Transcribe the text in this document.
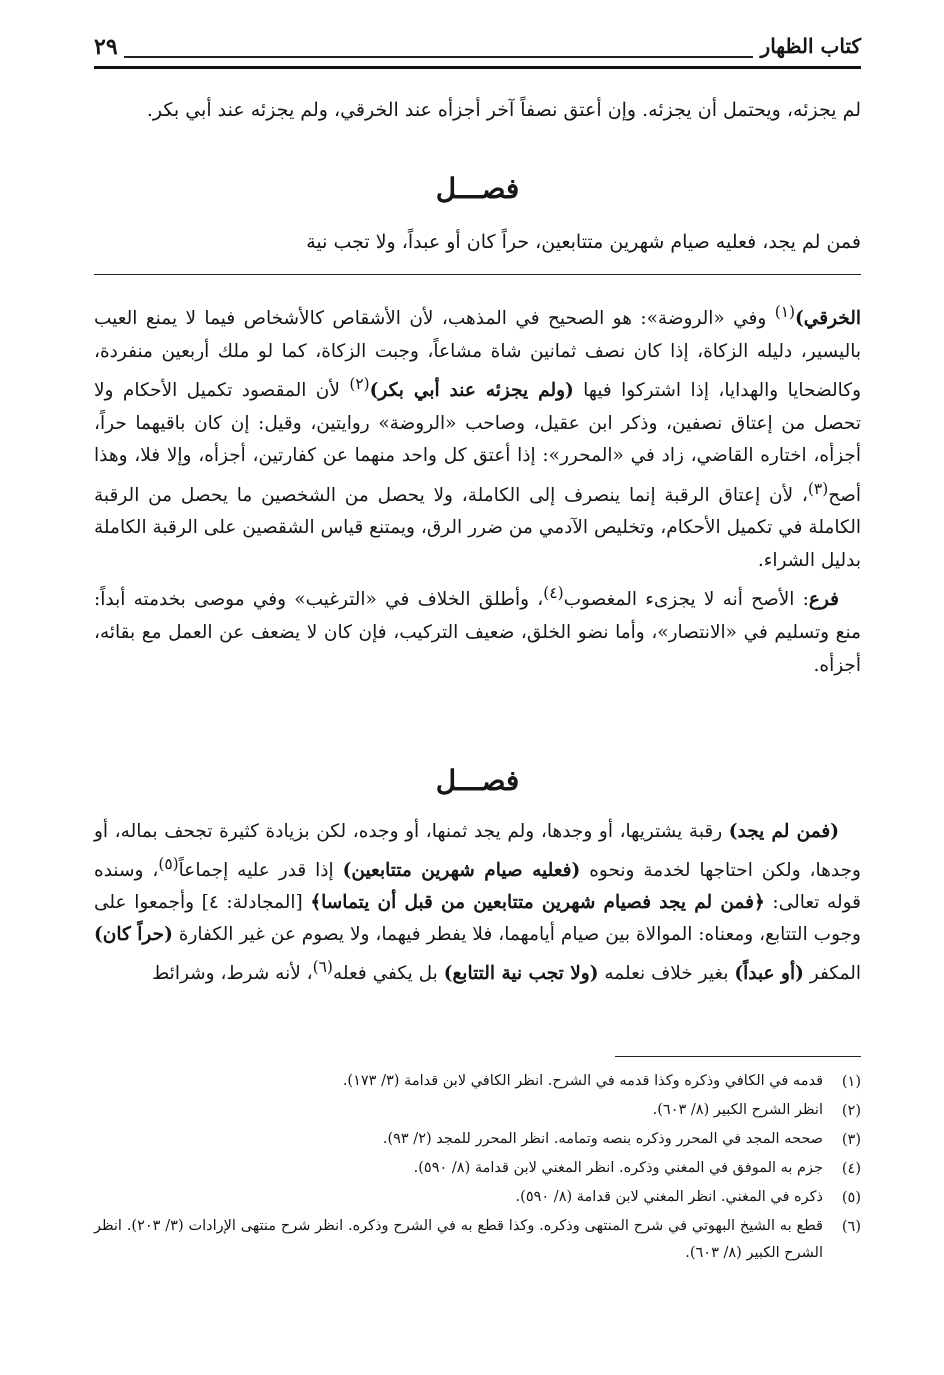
كتاب الظهار
٢٩

لم يجزئه، ويحتمل أن يجزئه. وإن أعتق نصفاً آخر أجزأه عند الخرقي، ولم يجزئه عند أبي بكر.

فصـــل

فمن لم يجد، فعليه صيام شهرين متتابعين، حراً كان أو عبداً، ولا تجب نية

الخرقي)$^{(١)}$ وفي «الروضة»: هو الصحيح في المذهب، لأن الأشقاص كالأشخاص فيما لا يمنع العيب باليسير، دليله الزكاة، إذا كان نصف ثمانين شاة مشاعاً، وجبت الزكاة، كما لو ملك أربعين منفردة، وكالضحايا والهدايا، إذا اشتركوا فيها (ولم يجزئه عند أبي بكر)$^{(٢)}$ لأن المقصود تكميل الأحكام ولا تحصل من إعتاق نصفين، وذكر ابن عقيل، وصاحب «الروضة» روايتين، وقيل: إن كان باقيهما حراً، أجزأه، اختاره القاضي، زاد في «المحرر»: إذا أعتق كل واحد منهما عن كفارتين، أجزأه، وإلا فلا، وهذا أصح$^{(٣)}$، لأن إعتاق الرقبة إنما ينصرف إلى الكاملة، ولا يحصل من الشخصين ما يحصل من الرقبة الكاملة في تكميل الأحكام، وتخليص الآدمي من ضرر الرق، ويمتنع قياس الشقصين على الرقبة الكاملة بدليل الشراء.

فرع: الأصح أنه لا يجزىء المغصوب$^{(٤)}$، وأطلق الخلاف في «الترغيب» وفي موصى بخدمته أبداً: منع وتسليم في «الانتصار»، وأما نضو الخلق، ضعيف التركيب، فإن كان لا يضعف عن العمل مع بقائه، أجزأه.

فصـــل

(فمن لم يجد) رقبة يشتريها، أو وجدها، ولم يجد ثمنها، أو وجده، لكن بزيادة كثيرة تجحف بماله، أو وجدها، ولكن احتاجها لخدمة ونحوه (فعليه صيام شهرين متتابعين) إذا قدر عليه إجماعاً$^{(٥)}$، وسنده قوله تعالى: ﴿فمن لم يجد فصيام شهرين متتابعين من قبل أن يتماسا﴾ [المجادلة: ٤] وأجمعوا على وجوب التتابع، ومعناه: الموالاة بين صيام أيامهما، فلا يفطر فيهما، ولا يصوم عن غير الكفارة (حراً كان) المكفر (أو عبداً) بغير خلاف نعلمه (ولا تجب نية التتابع) بل يكفي فعله$^{(٦)}$، لأنه شرط، وشرائط

(١)
قدمه في الكافي وذكره وكذا قدمه في الشرح. انظر الكافي لابن قدامة (٣/ ١٧٣).
(٢)
انظر الشرح الكبير (٨/ ٦٠٣).
(٣)
صححه المجد في المحرر وذكره بنصه وتمامه. انظر المحرر للمجد (٢/ ٩٣).
(٤)
جزم به الموفق في المغني وذكره. انظر المغني لابن قدامة (٨/ ٥٩٠).
(٥)
ذكره في المغني. انظر المغني لابن قدامة (٨/ ٥٩٠).
(٦)
قطع به الشيخ البهوتي في شرح المنتهى وذكره. وكذا قطع به في الشرح وذكره. انظر شرح منتهى الإرادات (٣/ ٢٠٣). انظر الشرح الكبير (٨/ ٦٠٣).
